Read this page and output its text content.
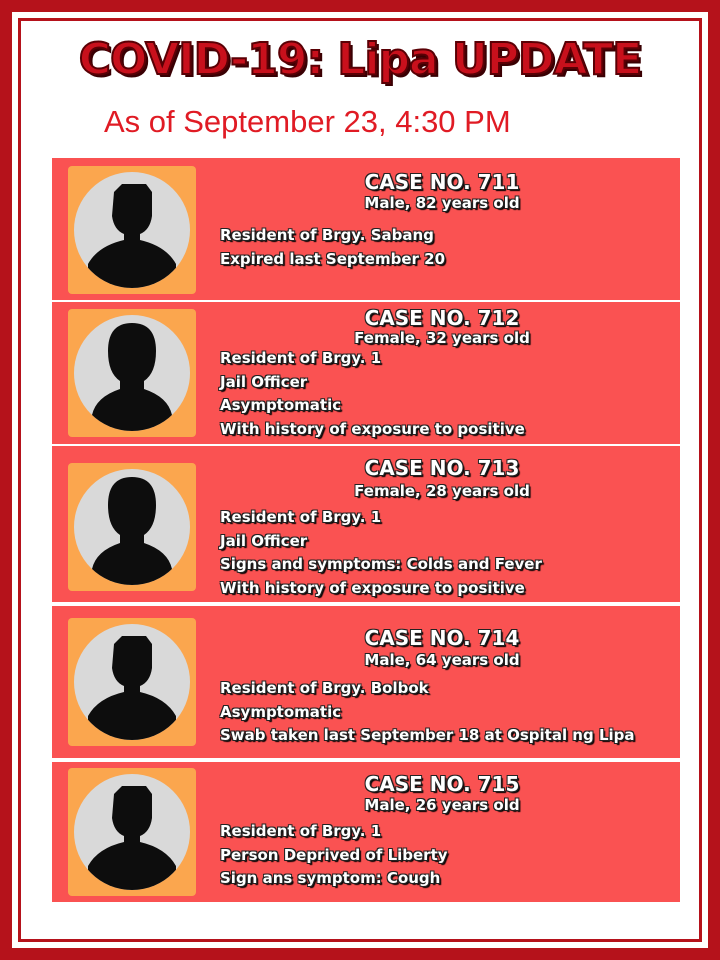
COVID-19: Lipa UPDATE
As of September 23, 4:30 PM
CASE NO. 711
Male, 82 years old
Resident of Brgy. Sabang
Expired last September 20
CASE NO. 712
Female, 32 years old
Resident of Brgy. 1
Jail Officer
Asymptomatic
With history of exposure to positive
CASE NO. 713
Female, 28 years old
Resident of Brgy. 1
Jail Officer
Signs and symptoms: Colds and Fever
With history of exposure to positive
CASE NO. 714
Male, 64 years old
Resident of Brgy. Bolbok
Asymptomatic
Swab taken last September 18 at Ospital ng Lipa
CASE NO. 715
Male, 26 years old
Resident of Brgy. 1
Person Deprived of Liberty
Sign ans symptom: Cough
